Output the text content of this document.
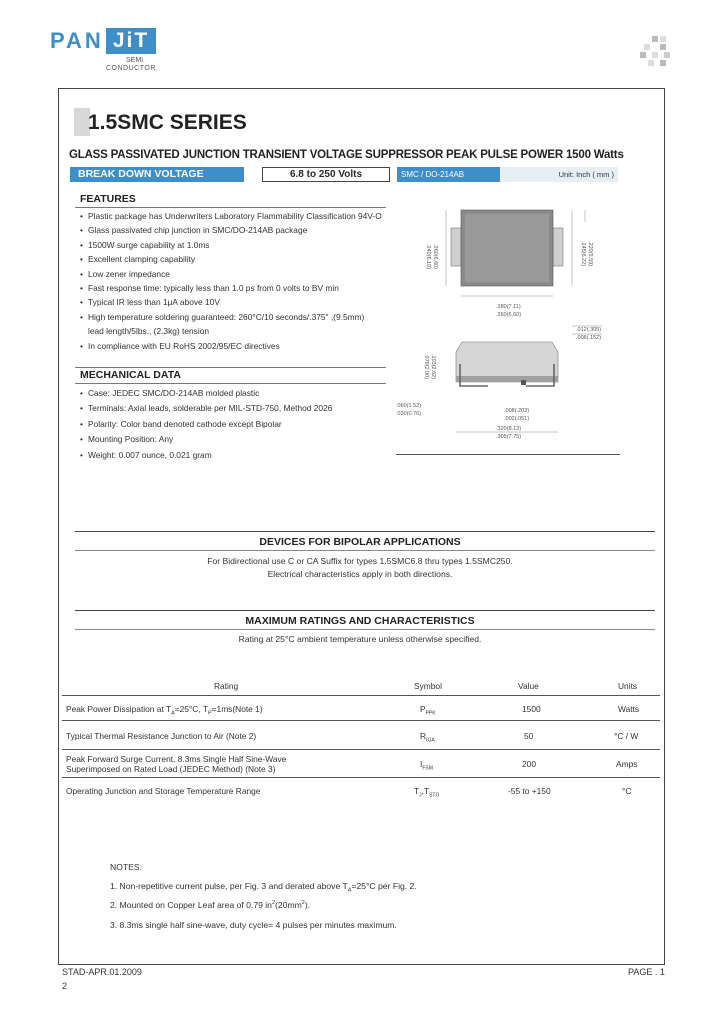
PAN JiT
SEMI
CONDUCTOR
1.5SMC SERIES
GLASS PASSIVATED JUNCTION TRANSIENT VOLTAGE SUPPRESSOR PEAK PULSE POWER 1500 Watts
BREAK DOWN VOLTAGE	6.8 to 250 Volts	SMC / DO-214AB	Unit: Inch ( mm )
FEATURES
• Plastic package has Underwriters Laboratory Flammability Classification 94V-O
• Glass passivated chip junction in SMC/DO-214AB package
• 1500W surge capability at 1.0ms
• Excellent clamping capability
• Low zener impedance
• Fast response time: typically less than 1.0 ps from 0 volts to BV min
• Typical IR less than 1μA above 10V
• High temperature soldering guaranteed: 260°C/10 seconds/.375" ,(9.5mm)
lead length/5lbs., (2.3kg) tension
• In compliance with EU RoHS 2002/95/EC directives
MECHANICAL DATA
• Case: JEDEC SMC/DO-214AB molded plastic
• Terminals: Axial leads, solderable per MIL-STD-750, Method 2026
• Polarity: Color band denoted cathode except Bipolar
• Mounting Position: Any
• Weight: 0.007 ounce, 0.021 gram
.260(6.60)
.240(6.10)	.245(6.22) .220(5.59)
.280(7.11)
.260(6.60)
.012(.305)
.006(.152)
.103(2.62)
.079(2.00)
.060(1.52)
.030(0.76)	.008(.203)
.002(.051)
.320(8.13)
.305(7.75)
DEVICES FOR BIPOLAR APPLICATIONS
For Bidirectional use C or CA Suffix for types 1.5SMC6.8 thru types 1.5SMC250.
Electrical characteristics apply in both directions.
MAXIMUM RATINGS AND CHARACTERISTICS
Rating at 25°C ambient temperature unless otherwise specified.
Rating	Symbol	Value	Units
Peak Power Dissipation at $T_A=25^\circ C$, $T_P=1ms(Note$ 1)	$P_{PPK}$	1500	Watts
Typical Thermal Resistance Junction to Air (Note 2)	$R_{\theta JA}$	50	°C / W
Peak Forward Surge Current, 8.3ms Single Half Sine-Wave
Superimposed on Rated Load (JEDEC Method) (Note 3)	$I_{FSM}$	200	Amps
Operating Junction and Storage Temperature Range	$T_J,T_{STG}$	-55 to +150	°C
NOTES:
1. Non-repetitive current pulse, per Fig. 3 and derated above $T_A=25^\circ C$ per Fig. 2.
2. Mounted on Copper Leaf area of 0.79 $in^2(20mm^2)$.
3. 8.3ms single half sine-wave, duty cycle= 4 pulses per minutes maximum.
STAD-APR.01.2009	PAGE . 1
2
